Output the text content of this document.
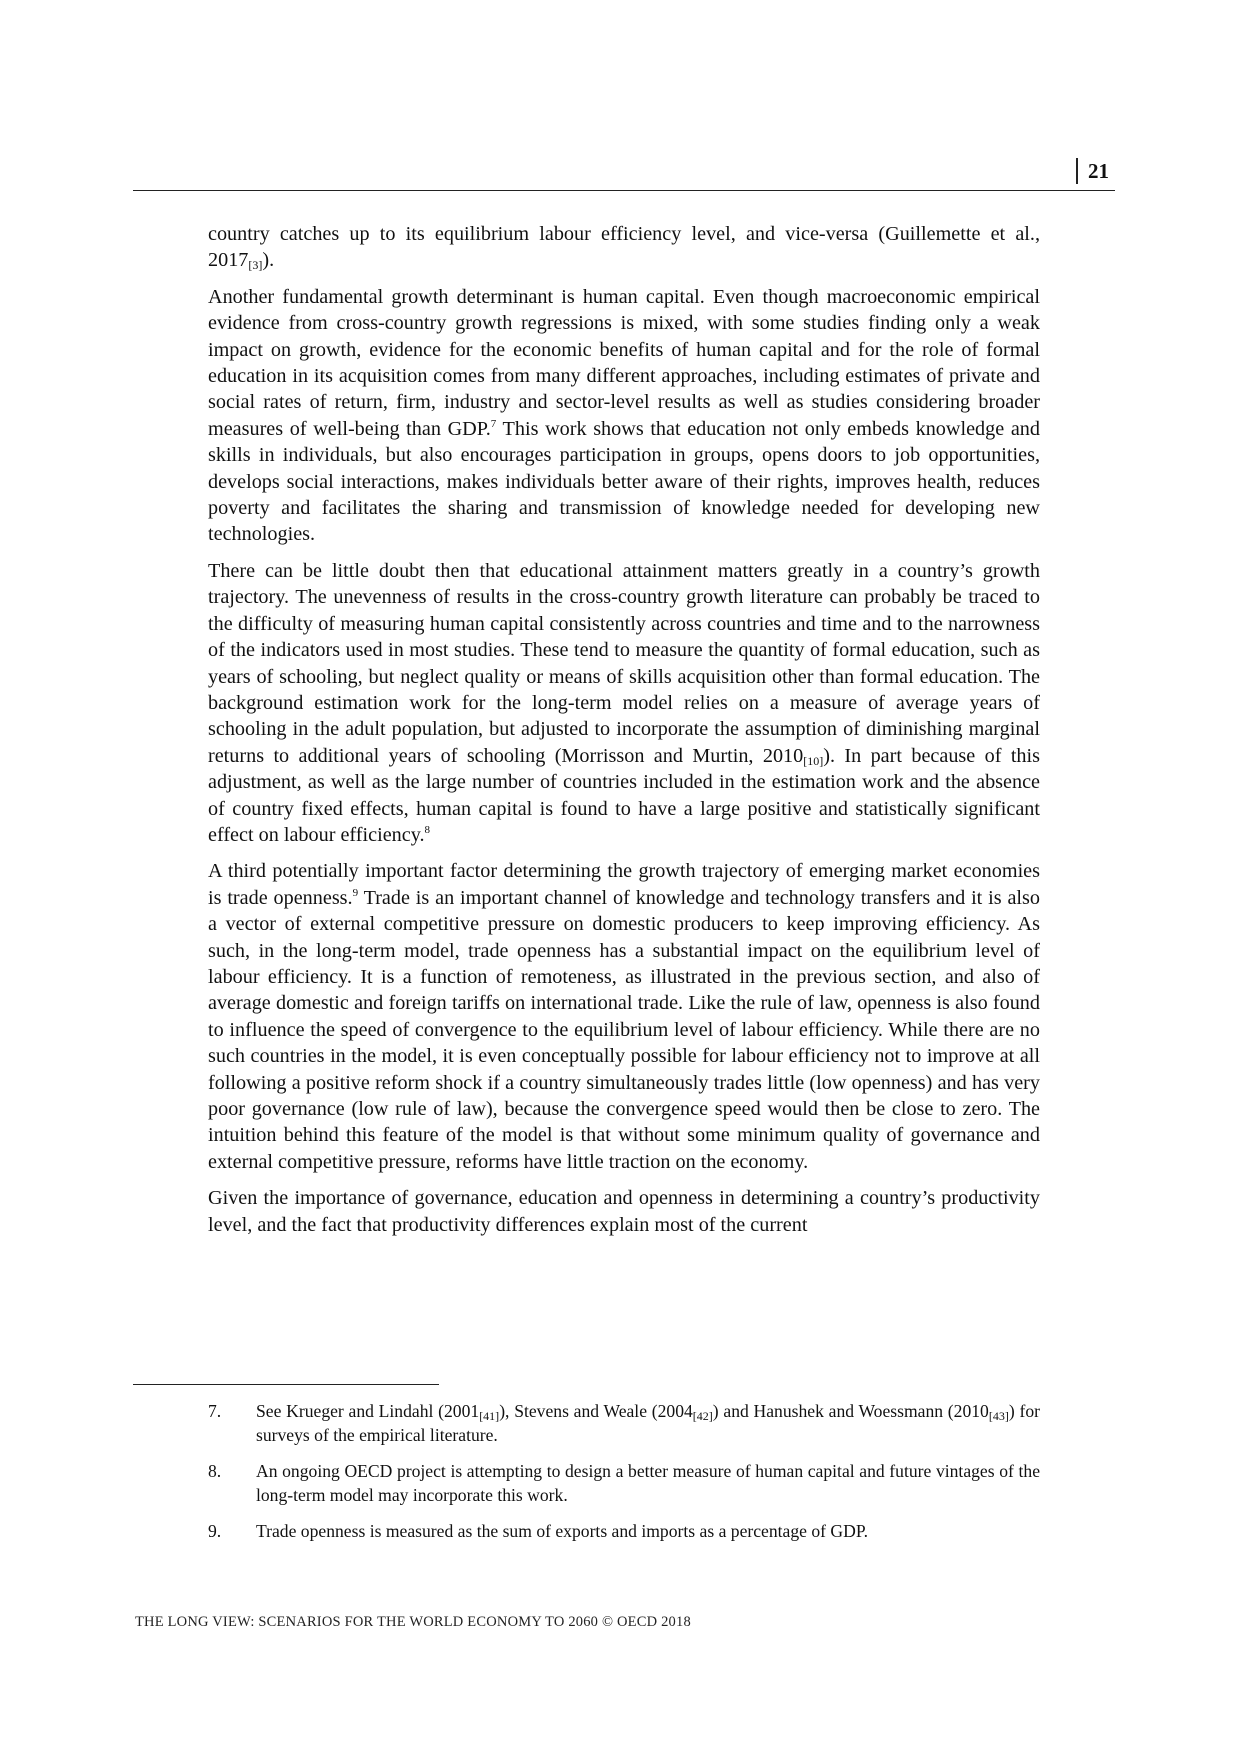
21

country catches up to its equilibrium labour efficiency level, and vice-versa (Guillemette et al., $2017_{[3]}$).

Another fundamental growth determinant is human capital. Even though macroeconomic empirical evidence from cross-country growth regressions is mixed, with some studies finding only a weak impact on growth, evidence for the economic benefits of human capital and for the role of formal education in its acquisition comes from many different approaches, including estimates of private and social rates of return, firm, industry and sector-level results as well as studies considering broader measures of well-being than GDP.$^7$ This work shows that education not only embeds knowledge and skills in individuals, but also encourages participation in groups, opens doors to job opportunities, develops social interactions, makes individuals better aware of their rights, improves health, reduces poverty and facilitates the sharing and transmission of knowledge needed for developing new technologies.

There can be little doubt then that educational attainment matters greatly in a country’s growth trajectory. The unevenness of results in the cross-country growth literature can probably be traced to the difficulty of measuring human capital consistently across countries and time and to the narrowness of the indicators used in most studies. These tend to measure the quantity of formal education, such as years of schooling, but neglect quality or means of skills acquisition other than formal education. The background estimation work for the long-term model relies on a measure of average years of schooling in the adult population, but adjusted to incorporate the assumption of diminishing marginal returns to additional years of schooling (Morrisson and Murtin, $2010_{[10]}$). In part because of this adjustment, as well as the large number of countries included in the estimation work and the absence of country fixed effects, human capital is found to have a large positive and statistically significant effect on labour efficiency.$^8$

A third potentially important factor determining the growth trajectory of emerging market economies is trade openness.$^9$ Trade is an important channel of knowledge and technology transfers and it is also a vector of external competitive pressure on domestic producers to keep improving efficiency. As such, in the long-term model, trade openness has a substantial impact on the equilibrium level of labour efficiency. It is a function of remoteness, as illustrated in the previous section, and also of average domestic and foreign tariffs on international trade. Like the rule of law, openness is also found to influence the speed of convergence to the equilibrium level of labour efficiency. While there are no such countries in the model, it is even conceptually possible for labour efficiency not to improve at all following a positive reform shock if a country simultaneously trades little (low openness) and has very poor governance (low rule of law), because the convergence speed would then be close to zero. The intuition behind this feature of the model is that without some minimum quality of governance and external competitive pressure, reforms have little traction on the economy.

Given the importance of governance, education and openness in determining a country’s productivity level, and the fact that productivity differences explain most of the current

7.	See Krueger and Lindahl $(2001_{[41]})$, Stevens and Weale $(2004_{[42]})$ and Hanushek and Woessmann $(2010_{[43]})$ for surveys of the empirical literature.
8.	An ongoing OECD project is attempting to design a better measure of human capital and future vintages of the long-term model may incorporate this work.
9.	Trade openness is measured as the sum of exports and imports as a percentage of GDP.
THE LONG VIEW: SCENARIOS FOR THE WORLD ECONOMY TO 2060 © OECD 2018
